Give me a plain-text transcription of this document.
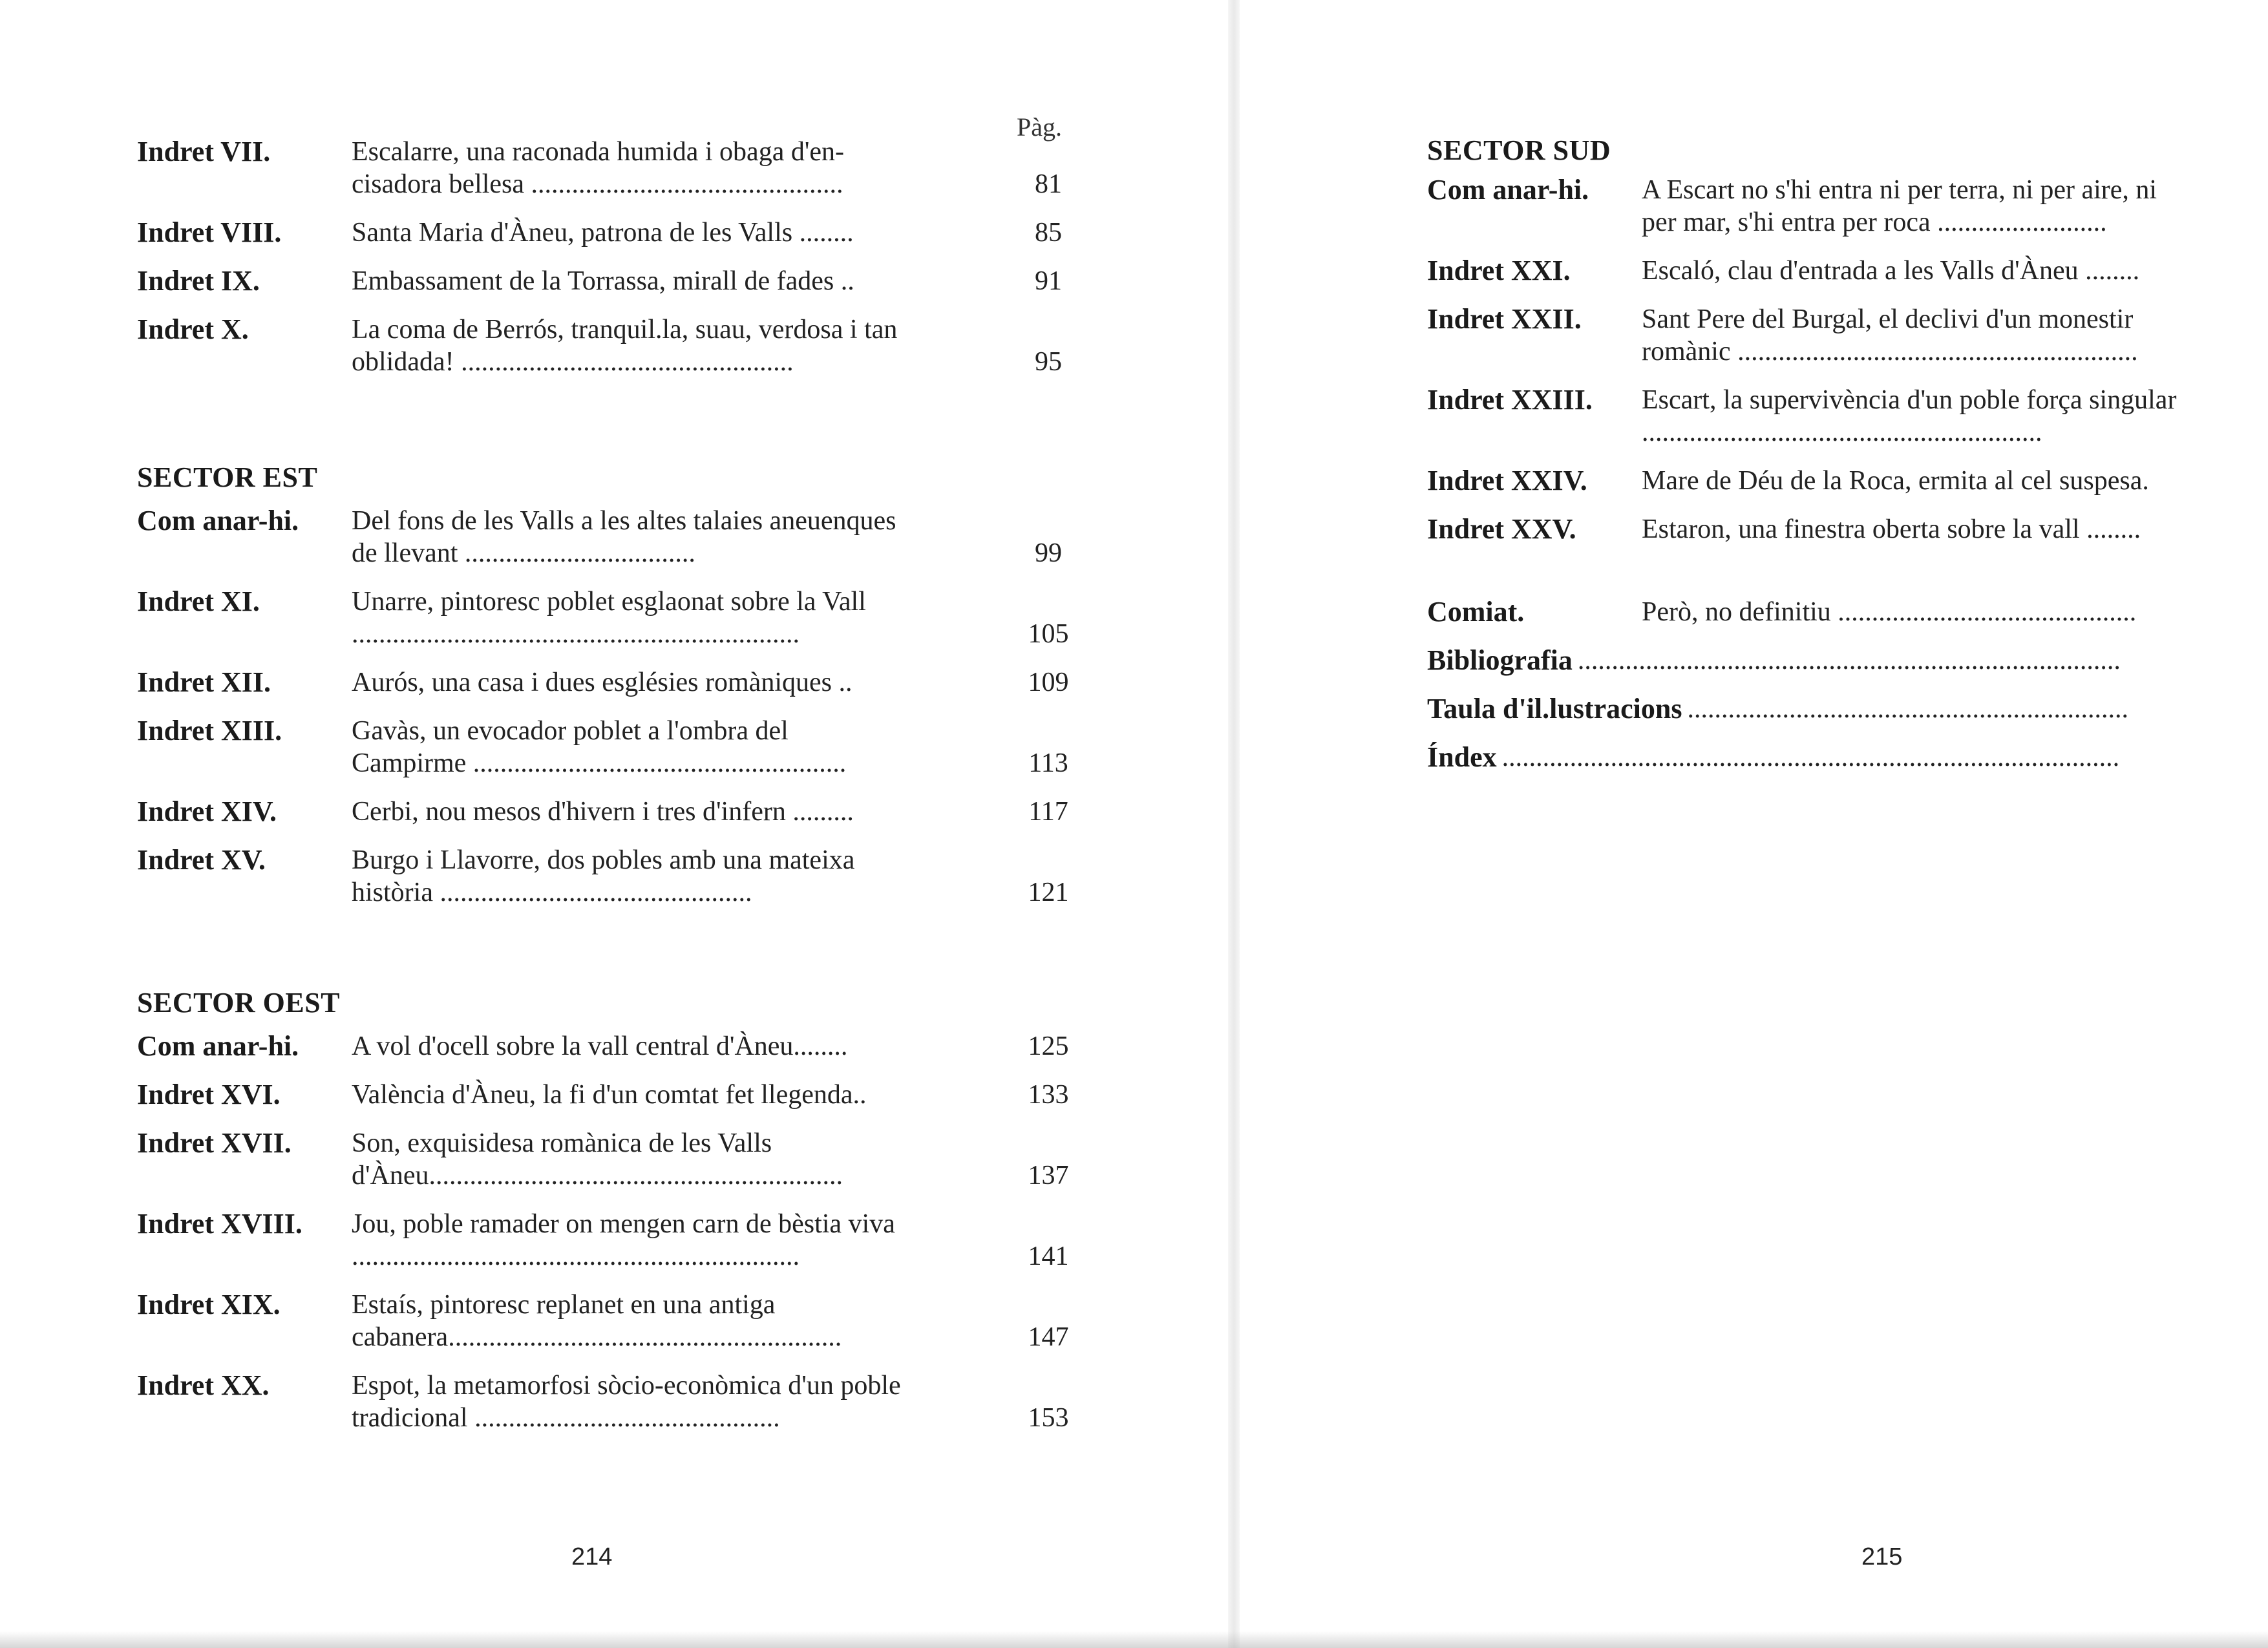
Pàg.
Indret VII.	Escalarre, una raconada humida i obaga d'en- cisadora bellesa ..............................................	81
Indret VIII.	Santa Maria d'Àneu, patrona de les Valls ........	85
Indret IX.	Embassament de la Torrassa, mirall de fades ..	91
Indret X.	La coma de Berrós, tranquil.la, suau, verdosa i tan oblidada! .................................................	95
SECTOR EST
Com anar-hi.	Del fons de les Valls a les altes talaies aneuenques de llevant ..................................	99
Indret XI.	Unarre, pintoresc poblet esglaonat sobre la Vall ..................................................................	105
Indret XII.	Aurós, una casa i dues esglésies romàniques ..	109
Indret XIII.	Gavàs, un evocador poblet a l'ombra del Campirme .......................................................	113
Indret XIV.	Cerbi, nou mesos d'hivern i tres d'infern .........	117
Indret XV.	Burgo i Llavorre, dos pobles amb una mateixa història ..............................................	121
SECTOR OEST
Com anar-hi.	A vol d'ocell sobre la vall central d'Àneu........	125
Indret XVI.	València d'Àneu, la fi d'un comtat fet llegenda..	133
Indret XVII.	Son, exquisidesa romànica de les Valls d'Àneu.............................................................	137
Indret XVIII.	Jou, poble ramader on mengen carn de bèstia viva ..................................................................	141
Indret XIX.	Estaís, pintoresc replanet en una antiga cabanera..........................................................	147
Indret XX.	Espot, la metamorfosi sòcio-econòmica d'un poble tradicional .............................................	153
214
SECTOR SUD
Com anar-hi.	A Escart no s'hi entra ni per terra, ni per aire, ni per mar, s'hi entra per roca .........................
Indret XXI.	Escaló, clau d'entrada a les Valls d'Àneu ........
Indret XXII.	Sant Pere del Burgal, el declivi d'un monestir romànic ...........................................................
Indret XXIII.	Escart, la supervivència d'un poble força singular ...........................................................
Indret XXIV.	Mare de Déu de la Roca, ermita al cel suspesa.
Indret XXV.	Estaron, una finestra oberta sobre la vall ........
Comiat.	Però, no definitiu ............................................
Bibliografia ................................................................................
Taula d'il.lustracions .................................................................
Índex ...........................................................................................
215
